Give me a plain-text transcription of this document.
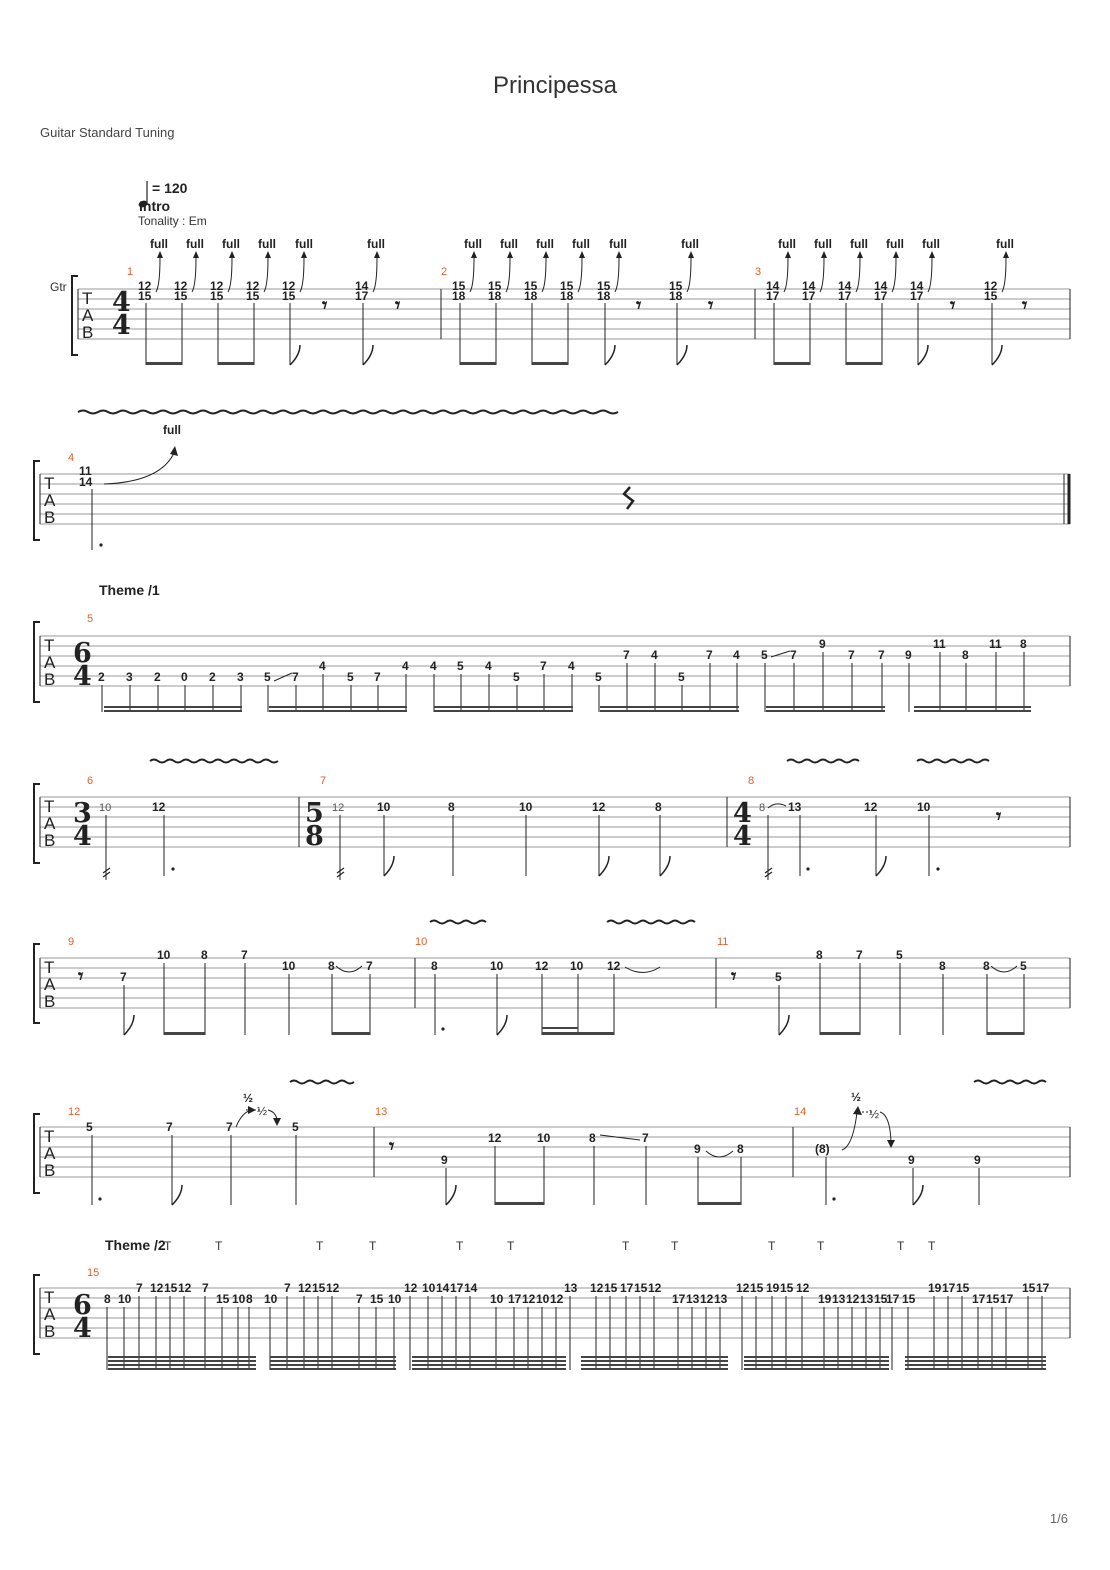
Principessa
Guitar Standard Tuning
1/6
= 120
Intro
Tonality : Em
Gtr
T
A
B
4
4
1	2	3
12
15
12
15
12
15
12
15
12
15
14
17
full full full full full	full
𝄾	𝄾
15
18
15
18
15
18
15
18
15
18
15
18
full full full full full	full
𝄾	𝄾
14
17
14
17
14
17
14
17
14
17
12
15
full full full full full	full
𝄾	𝄾
T
A
B
4
11
14
full
Theme /1
T
A
B
6
4
5
2 3 2 0 2 3 5 7
4
5 7
4 4 5 4
5
7 4
5
7 4
5
7 4 5 7
9
7 7 9
11
8
11 8
T
A
B
3
4
5
8
4
4
6	7	8
10	12	12	10	8	10	12	8	8 13	12	10	𝄾
T
A
B
9	10	11
𝄾	7
10	8	7
10	8	7	8	10	12 10 12	𝄾	5
8	7	5
8	8	5
T
A
B
12	13	14
5	7	7	5
½
½
𝄾
9
12	10	8	7
9	8	(8)
9	9
½
½
Theme /2
T	T	T	T	T	T	T	T	T	T	T T
T
A
B
6
4
15
8 10
7 12 15 12 7
15 10 8 10
7 12 15 12
7 15 10
12 10 14 17 14
10 17 12 10 12
13 12 15 17 15 12
17 13 12 13
12 15 19 15 12
19 13 12 13 15
17 15
19 17 15
17 15 17
15 17
